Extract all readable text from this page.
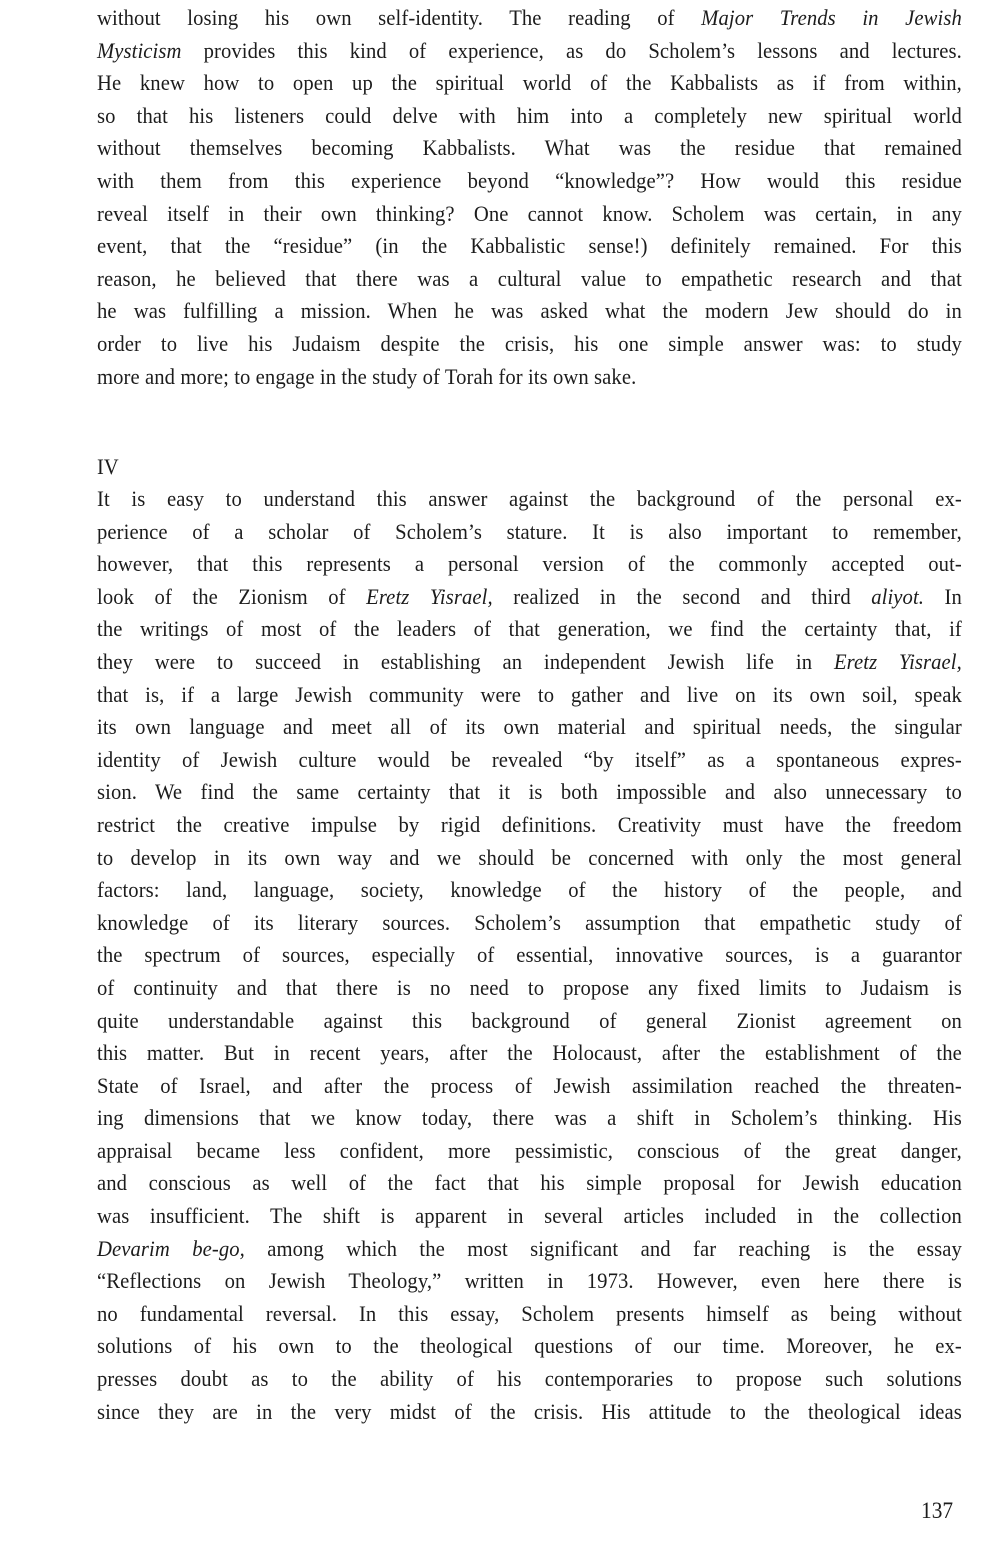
without losing his own self-identity. The reading of Major Trends in Jewish
Mysticism provides this kind of experience, as do Scholem’s lessons and lectures.
He knew how to open up the spiritual world of the Kabbalists as if from within,
so that his listeners could delve with him into a completely new spiritual world
without themselves becoming Kabbalists. What was the residue that remained
with them from this experience beyond “knowledge”? How would this residue
reveal itself in their own thinking? One cannot know. Scholem was certain, in any
event, that the “residue” (in the Kabbalistic sense!) definitely remained. For this
reason, he believed that there was a cultural value to empathetic research and that
he was fulfilling a mission. When he was asked what the modern Jew should do in
order to live his Judaism despite the crisis, his one simple answer was: to study
more and more; to engage in the study of Torah for its own sake.
IV
It is easy to understand this answer against the background of the personal ex-
perience of a scholar of Scholem’s stature. It is also important to remember,
however, that this represents a personal version of the commonly accepted out-
look of the Zionism of Eretz Yisrael, realized in the second and third aliyot. In
the writings of most of the leaders of that generation, we find the certainty that, if
they were to succeed in establishing an independent Jewish life in Eretz Yisrael,
that is, if a large Jewish community were to gather and live on its own soil, speak
its own language and meet all of its own material and spiritual needs, the singular
identity of Jewish culture would be revealed “by itself” as a spontaneous expres-
sion. We find the same certainty that it is both impossible and also unnecessary to
restrict the creative impulse by rigid definitions. Creativity must have the freedom
to develop in its own way and we should be concerned with only the most general
factors: land, language, society, knowledge of the history of the people, and
knowledge of its literary sources. Scholem’s assumption that empathetic study of
the spectrum of sources, especially of essential, innovative sources, is a guarantor
of continuity and that there is no need to propose any fixed limits to Judaism is
quite understandable against this background of general Zionist agreement on
this matter. But in recent years, after the Holocaust, after the establishment of the
State of Israel, and after the process of Jewish assimilation reached the threaten-
ing dimensions that we know today, there was a shift in Scholem’s thinking. His
appraisal became less confident, more pessimistic, conscious of the great danger,
and conscious as well of the fact that his simple proposal for Jewish education
was insufficient. The shift is apparent in several articles included in the collection
Devarim be-go, among which the most significant and far reaching is the essay
“Reflections on Jewish Theology,” written in 1973. However, even here there is
no fundamental reversal. In this essay, Scholem presents himself as being without
solutions of his own to the theological questions of our time. Moreover, he ex-
presses doubt as to the ability of his contemporaries to propose such solutions
since they are in the very midst of the crisis. His attitude to the theological ideas
137
